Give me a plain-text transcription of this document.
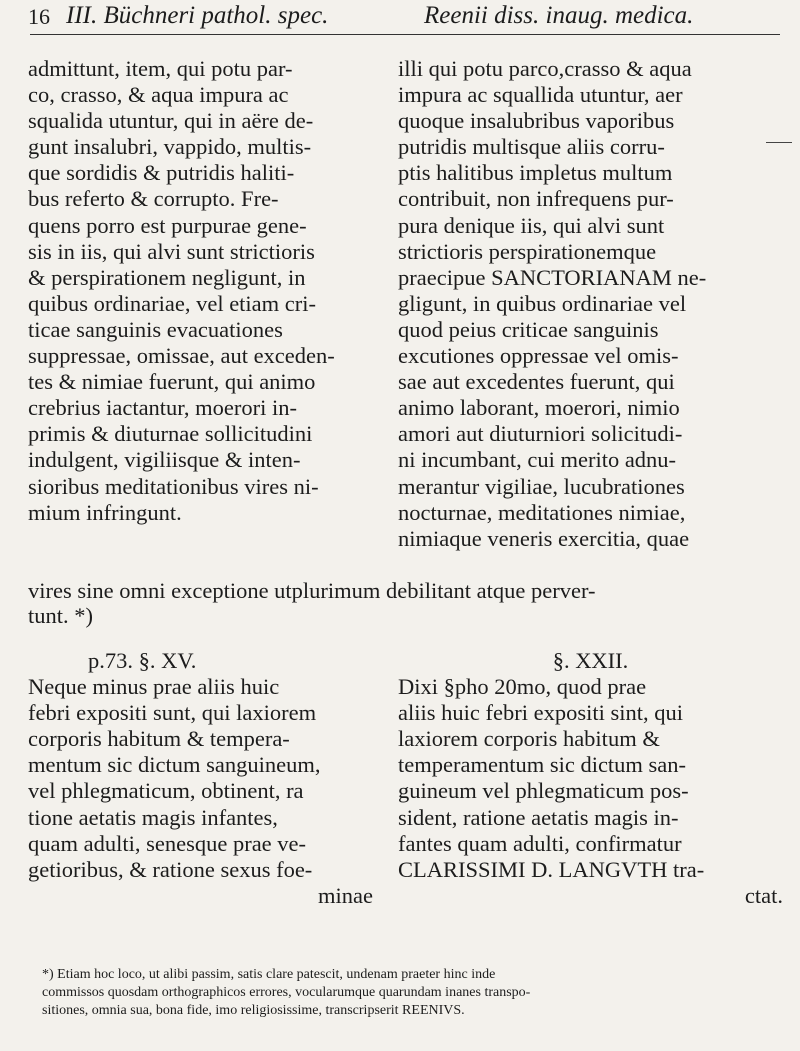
16 III. Büchneri pathol. spec.	Reenii diss. inaug. medica.
admittunt, item, qui potu par-
co, crasso, & aqua impura ac
squalida utuntur, qui in aëre de-
gunt insalubri, vappido, multis-
que sordidis & putridis haliti-
bus referto & corrupto. Fre-
quens porro est purpurae gene-
sis in iis, qui alvi sunt strictioris
& perspirationem negligunt, in
quibus ordinariae, vel etiam cri-
ticae sanguinis evacuationes
suppressae, omissae, aut exceden-
tes & nimiae fuerunt, qui animo
crebrius iactantur, moerori in-
primis & diuturnae sollicitudini
indulgent, vigiliisque & inten-
sioribus meditationibus vires ni-
mium infringunt.
illi qui potu parco,crasso & aqua
impura ac squallida utuntur, aer
quoque insalubribus vaporibus
putridis multisque aliis corru-
ptis halitibus impletus multum
contribuit, non infrequens pur-
pura denique iis, qui alvi sunt
strictioris perspirationemque
praecipue SANCTORIANAM ne-
gligunt, in quibus ordinariae vel
quod peius criticae sanguinis
excutiones oppressae vel omis-
sae aut excedentes fuerunt, qui
animo laborant, moerori, nimio
amori aut diuturniori solicitudi-
ni incumbant, cui merito adnu-
merantur vigiliae, lucubrationes
nocturnae, meditationes nimiae,
nimiaque veneris exercitia, quae
vires sine omni exceptione utplurimum debilitant atque perver-
tunt. *)
p.73. §. XV.
Neque minus prae aliis huic
febri expositi sunt, qui laxiorem
corporis habitum & tempera-
mentum sic dictum sanguineum,
vel phlegmaticum, obtinent, ra
tione aetatis magis infantes,
quam adulti, senesque prae ve-
getioribus, & ratione sexus foe-
minae
§. XXII.
Dixi §pho 20mo, quod prae
aliis huic febri expositi sint, qui
laxiorem corporis habitum &
temperamentum sic dictum san-
guineum vel phlegmaticum pos-
sident, ratione aetatis magis in-
fantes quam adulti, confirmatur
CLARISSIMI D. LANGVTH tra-
ctat.
*) Etiam hoc loco, ut alibi passim, satis clare patescit, undenam praeter hinc inde
commissos quosdam orthographicos errores, vocularumque quarundam inanes transpo-
sitiones, omnia sua, bona fide, imo religiosissime, transcripserit REENIVS.
